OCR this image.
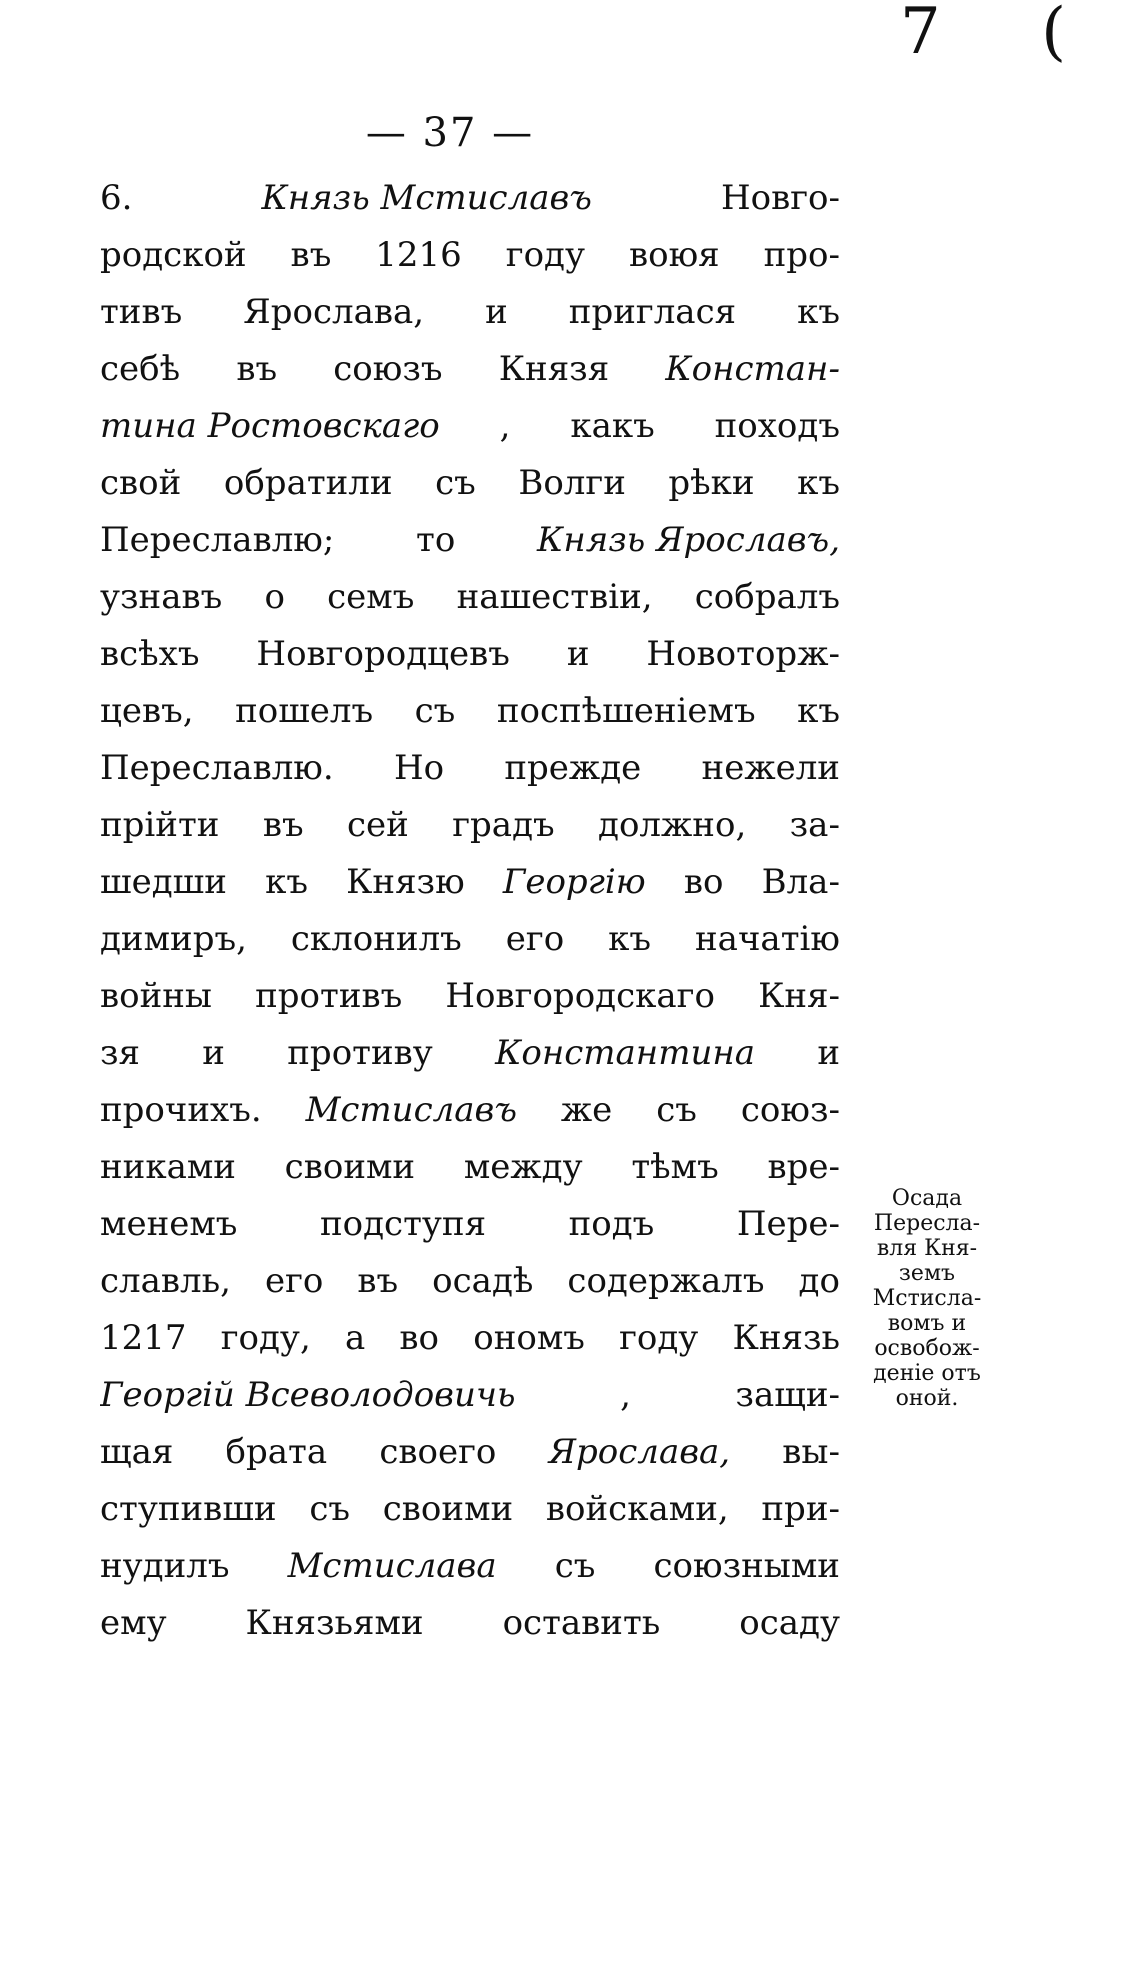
7 (
— 37 —
6.	Князь Мстиславъ	Новго-
родской въ 1216 году воюя про-
тивъ Ярослава, и приглася къ
себѣ въ союзъ Князя Констан-
тина Ростовскаго , какъ походъ
свой обратили съ Волги рѣки къ
Переславлю; то Князь Ярославъ,
узнавъ о семъ нашествіи, собралъ
всѣхъ Новгородцевъ и Новоторж-
цевъ, пошелъ съ поспѣшеніемъ къ
Переславлю. Но прежде нежели
прійти въ сей градъ должно, за-
шедши къ Князю Георгію во Вла-
димиръ, склонилъ его къ начатію
войны противъ Новгородскаго Кня-
зя и противу Константина и
прочихъ. Мстиславъ же съ союз-
никами своими между тѣмъ вре-
менемъ подступя подъ Пере-
славль, его въ осадѣ содержалъ до
1217 году, а во ономъ году Князь
Георгій Всеволодовичь	,	защи-
щая брата своего Ярослава, вы-
ступивши съ своими войсками, при-
нудилъ Мстислава съ союзными
ему Князьями оставить осаду
Осада
Пересла-
вля Кня-
земъ
Мстисла-
вомъ и
освобож-
деніе отъ
оной.
